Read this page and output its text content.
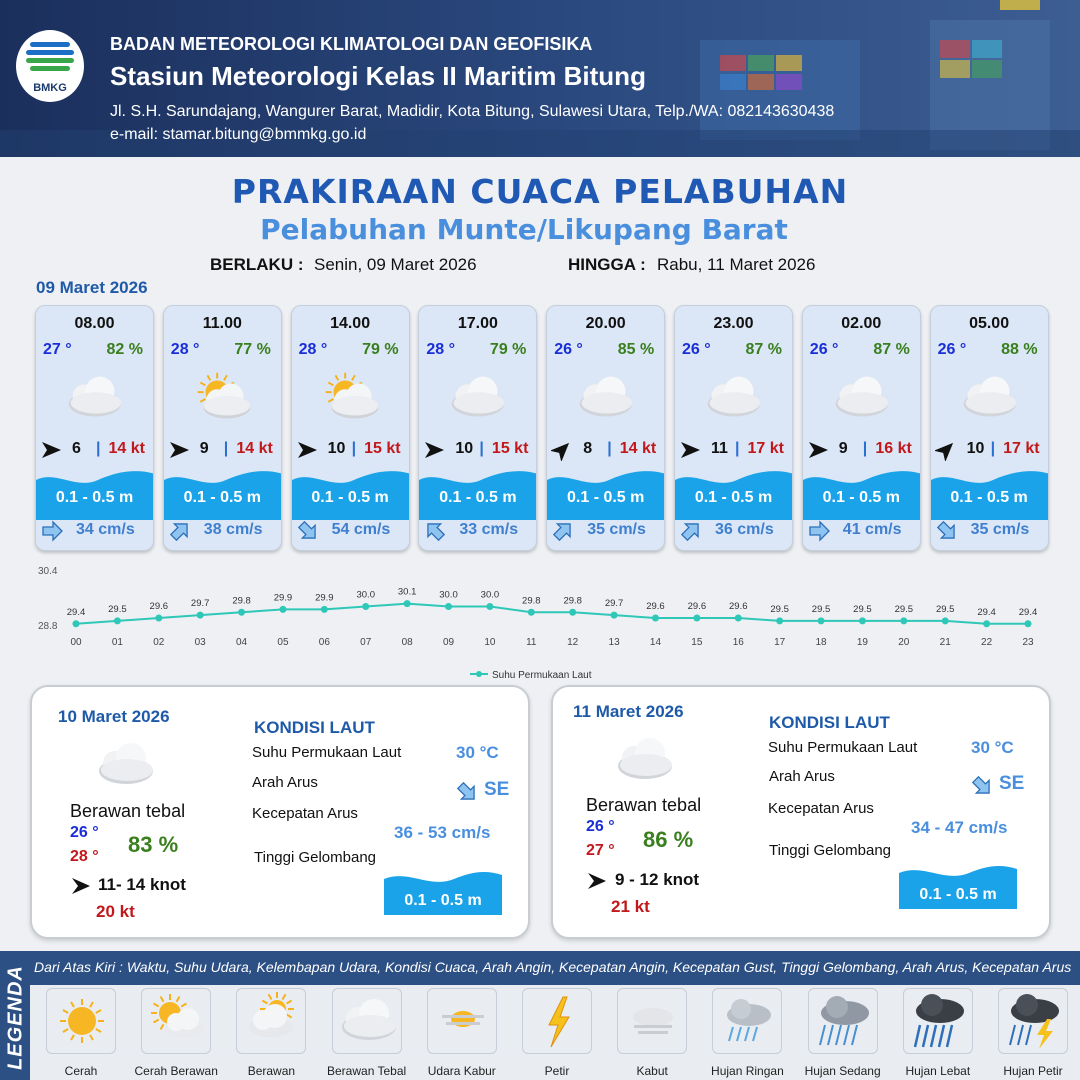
BMKG
BADAN METEOROLOGI KLIMATOLOGI DAN GEOFISIKA
Stasiun Meteorologi Kelas II Maritim Bitung
Jl. S.H. Sarundajang, Wangurer Barat, Madidir, Kota Bitung, Sulawesi Utara, Telp./WA: 082143630438
e-mail: stamar.bitung@bmmkg.go.id
PRAKIRAAN CUACA PELABUHAN
Pelabuhan Munte/Likupang Barat
BERLAKU : Senin, 09 Maret 2026	HINGGA : Rabu, 11 Maret 2026
09 Maret 2026
08.00
27 ° 82 %
6 | 14 kt
0.1 - 0.5 m
34 cm/s
11.00
28 ° 77 %
9 | 14 kt
0.1 - 0.5 m
38 cm/s
14.00
28 ° 79 %
10 | 15 kt
0.1 - 0.5 m
54 cm/s
17.00
28 ° 79 %
10 | 15 kt
0.1 - 0.5 m
33 cm/s
20.00
26 ° 85 %
8 | 14 kt
0.1 - 0.5 m
35 cm/s
23.00
26 ° 87 %
11 | 17 kt
0.1 - 0.5 m
36 cm/s
02.00
26 ° 87 %
9 | 16 kt
0.1 - 0.5 m
41 cm/s
05.00
26 ° 88 %
10 | 17 kt
0.1 - 0.5 m
35 cm/s
30.4
28.8
29.4
00
29.5
01
29.6
02
29.7
03
29.8
04
29.9
05
29.9
06
30.0
07
30.1
08
30.0
09
30.0
10
29.8
11
29.8
12
29.7
13
29.6
14
29.6
15
29.6
16
29.5
17
29.5
18
29.5
19
29.5
20
29.5
21
29.4
22
29.4
23
Suhu Permukaan Laut
10 Maret 2026
Berawan tebal
26 °
28 ° 83 %
11- 14 knot
20 kt
KONDISI LAUT
Suhu Permukaan Laut	30 °C
Arah Arus	SE
Kecepatan Arus
36 - 53 cm/s
Tinggi Gelombang
0.1 - 0.5 m
11 Maret 2026
Berawan tebal
26 °
27 ° 86 %
9 - 12 knot
21 kt
KONDISI LAUT
Suhu Permukaan Laut	30 °C
Arah Arus	SE
Kecepatan Arus
34 - 47 cm/s
Tinggi Gelombang
0.1 - 0.5 m
LEGENDA Dari Atas Kiri : Waktu, Suhu Udara, Kelembapan Udara, Kondisi Cuaca, Arah Angin, Kecepatan Angin, Kecepatan Gust, Tinggi Gelombang, Arah Arus, Kecepatan Arus
Cerah	Cerah Berawan	Berawan	Berawan Tebal	Udara Kabur	Petir	Kabut	Hujan Ringan	Hujan Sedang	Hujan Lebat	Hujan Petir
